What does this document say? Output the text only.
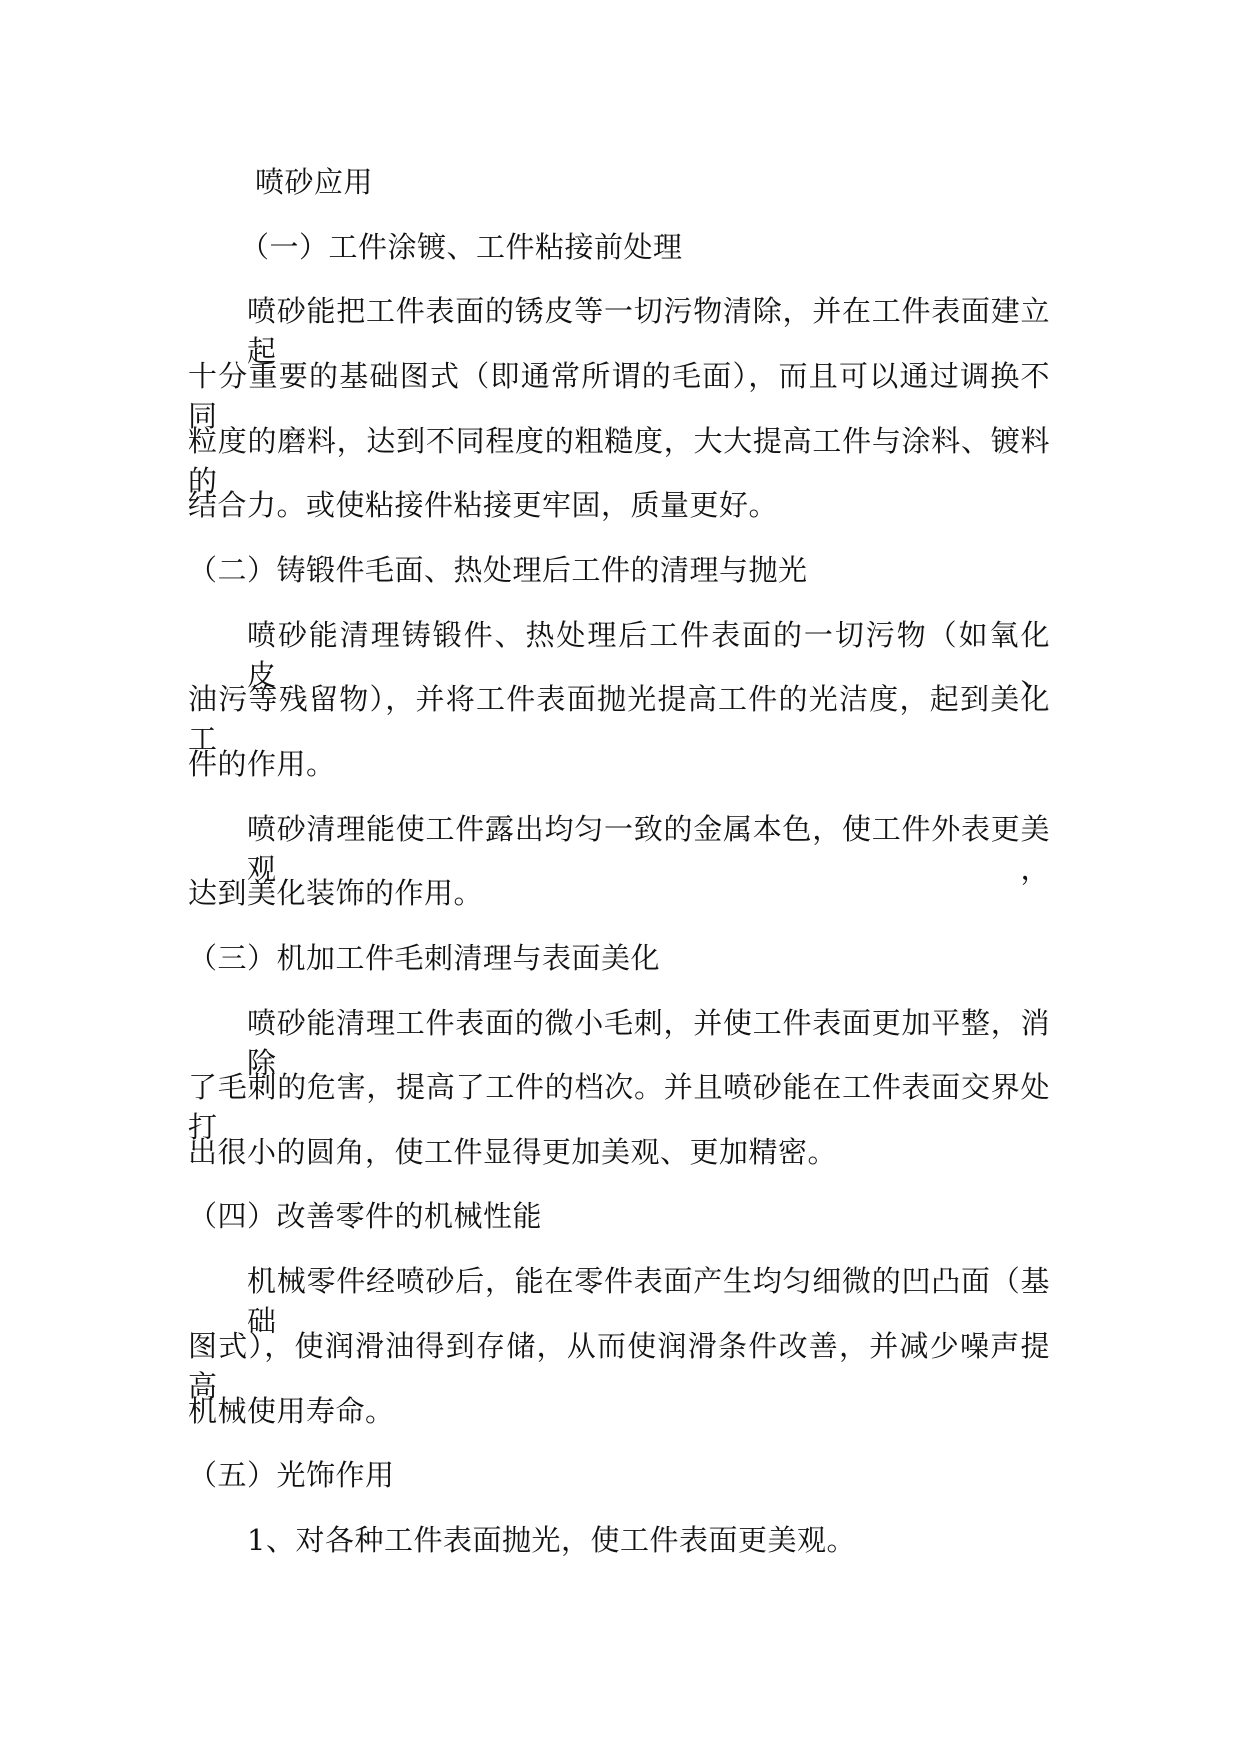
喷砂应用
（一）工件涂镀、工件粘接前处理
喷砂能把工件表面的锈皮等一切污物清除，并在工件表面建立起
十分重要的基础图式（即通常所谓的毛面），而且可以通过调换不同
粒度的磨料，达到不同程度的粗糙度，大大提高工件与涂料、镀料的
结合力。或使粘接件粘接更牢固，质量更好。
（二）铸锻件毛面、热处理后工件的清理与抛光
喷砂能清理铸锻件、热处理后工件表面的一切污物（如氧化皮、
油污等残留物），并将工件表面抛光提高工件的光洁度，起到美化工
件的作用。
喷砂清理能使工件露出均匀一致的金属本色，使工件外表更美观，
达到美化装饰的作用。
（三）机加工件毛刺清理与表面美化
喷砂能清理工件表面的微小毛刺，并使工件表面更加平整，消除
了毛刺的危害，提高了工件的档次。并且喷砂能在工件表面交界处打
出很小的圆角，使工件显得更加美观、更加精密。
（四）改善零件的机械性能
机械零件经喷砂后，能在零件表面产生均匀细微的凹凸面（基础
图式），使润滑油得到存储，从而使润滑条件改善，并减少噪声提高
机械使用寿命。
（五）光饰作用
1、对各种工件表面抛光，使工件表面更美观。
